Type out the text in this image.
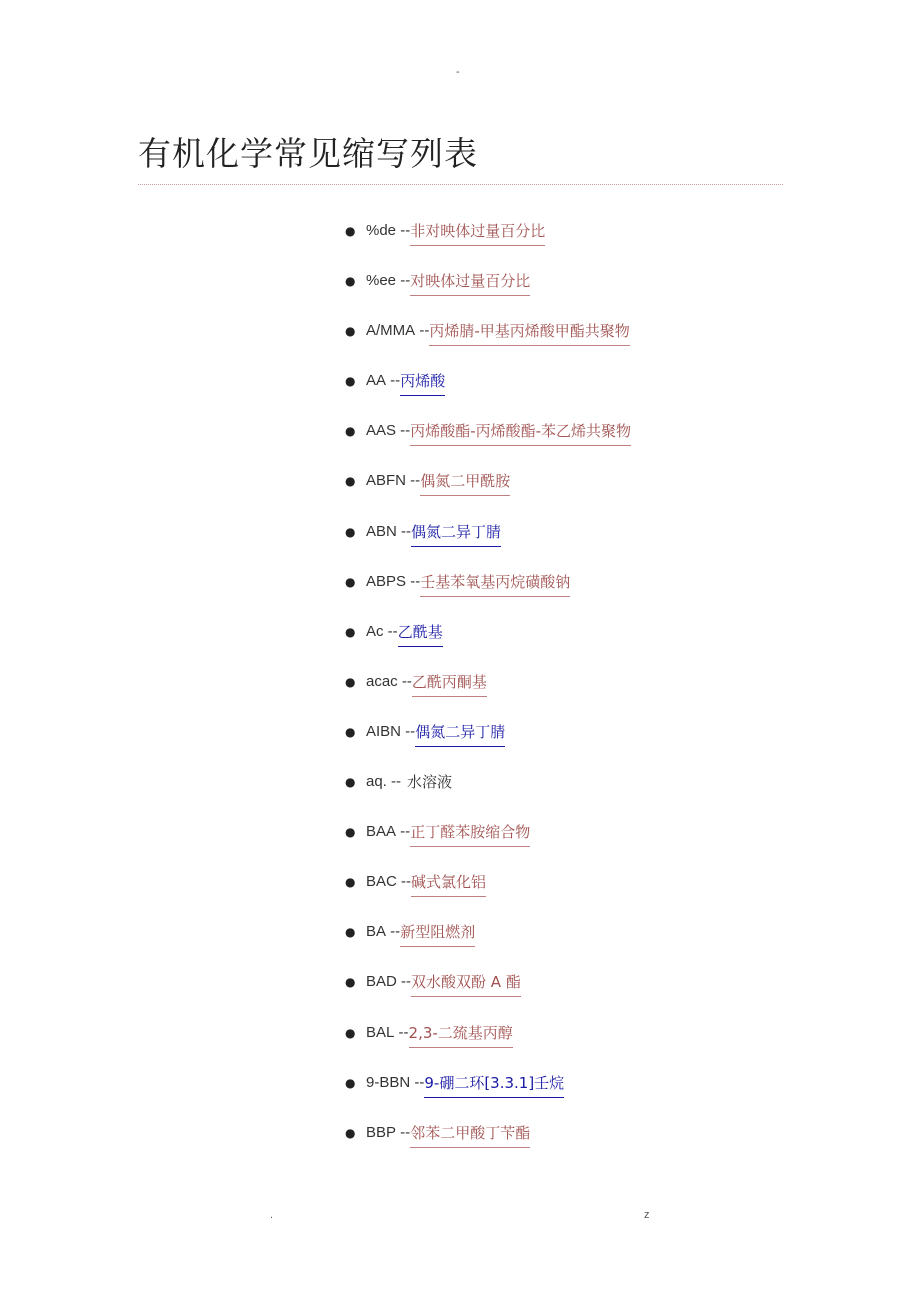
-
有机化学常见缩写列表
● %de -- 非对映体过量百分比
● %ee -- 对映体过量百分比
● A/MMA -- 丙烯腈-甲基丙烯酸甲酯共聚物
● AA -- 丙烯酸
● AAS -- 丙烯酸酯-丙烯酸酯-苯乙烯共聚物
● ABFN -- 偶氮二甲酰胺
● ABN -- 偶氮二异丁腈
● ABPS -- 壬基苯氧基丙烷磺酸钠
● Ac -- 乙酰基
● acac -- 乙酰丙酮基
● AIBN -- 偶氮二异丁腈
● aq. -- 水溶液
● BAA -- 正丁醛苯胺缩合物
● BAC -- 碱式氯化铝
● BA -- 新型阻燃剂
● BAD -- 双水酸双酚 A 酯
● BAL -- 2,3-二巯基丙醇
● 9-BBN -- 9-硼二环[3.3.1]壬烷
● BBP -- 邻苯二甲酸丁苄酯
.	z
